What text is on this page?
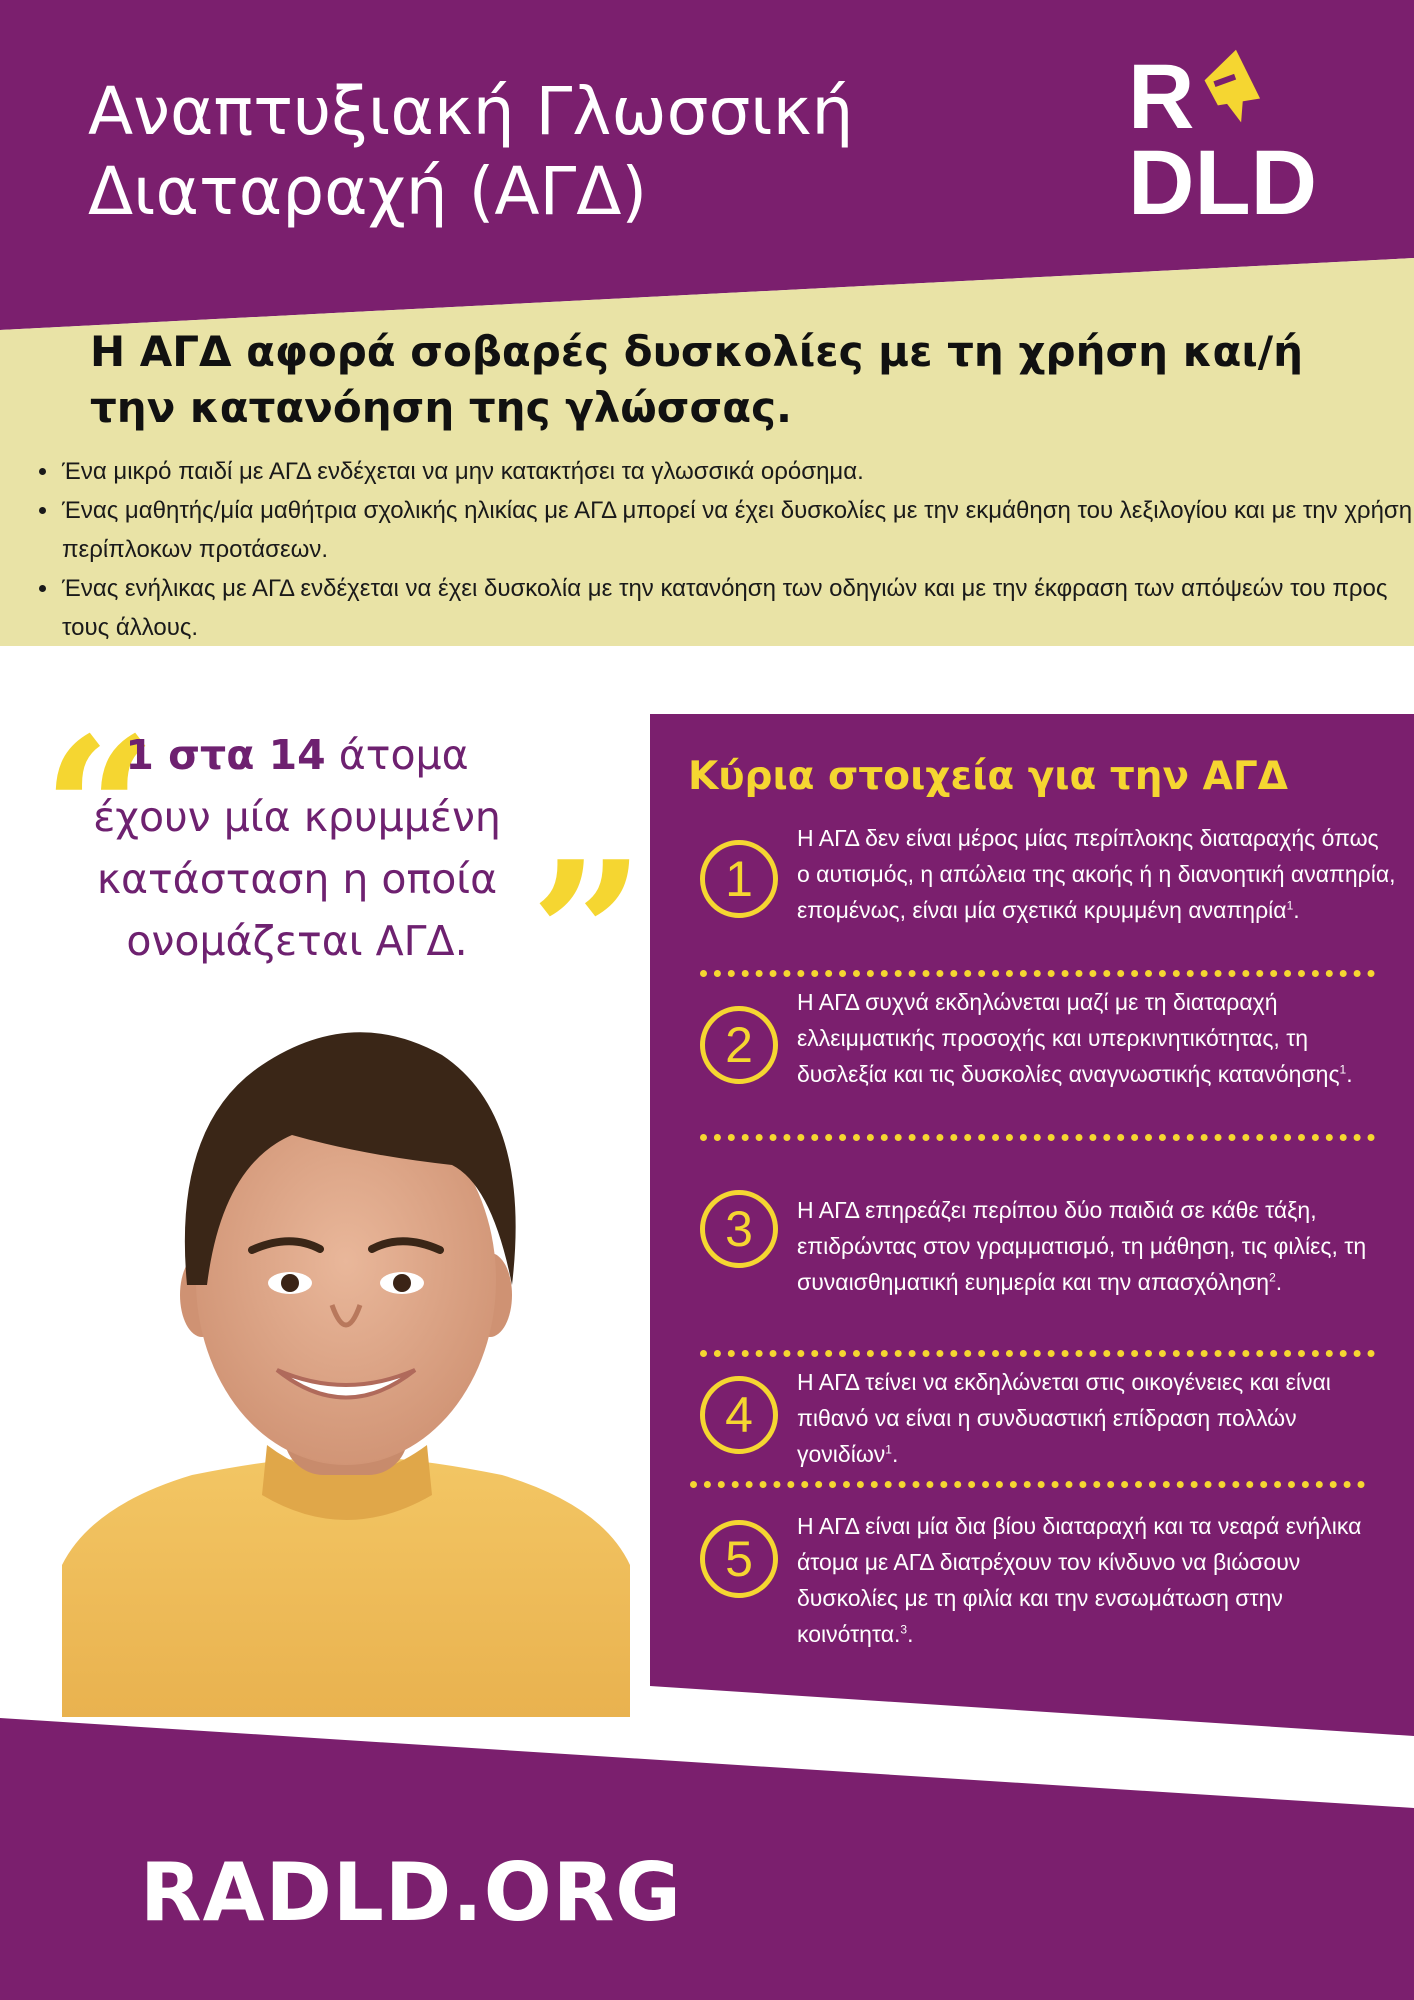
Αναπτυξιακή Γλωσσική
Διαταραχή (ΑΓΔ)
R
DLD
Η ΑΓΔ αφορά σοβαρές δυσκολίες με τη χρήση και/ή
την κατανόηση της γλώσσας.
• Ένα μικρό παιδί με ΑΓΔ ενδέχεται να μην κατακτήσει τα γλωσσικά ορόσημα.
• Ένας μαθητής/μία μαθήτρια σχολικής ηλικίας με ΑΓΔ μπορεί να έχει δυσκολίες με την εκμάθηση του λεξιλογίου και με την χρήση περίπλοκων προτάσεων.
• Ένας ενήλικας με ΑΓΔ ενδέχεται να έχει δυσκολία με την κατανόηση των οδηγιών και με την έκφραση των απόψεών του προς τους άλλους.
“

1 στα 14 άτομα έχουν μία κρυμμένη κατάσταση η οποία ονομάζεται ΑΓΔ. ”
Κύρια στοιχεία για την ΑΓΔ
1
Η ΑΓΔ δεν είναι μέρος μίας περίπλοκης διαταραχής όπως ο αυτισμός, η απώλεια της ακοής ή η διανοητική αναπηρία, επομένως, είναι μία σχετικά κρυμμένη αναπηρία$^1$.
2
Η ΑΓΔ συχνά εκδηλώνεται μαζί με τη διαταραχή ελλειμματικής προσοχής και υπερκινητικότητας, τη δυσλεξία και τις δυσκολίες αναγνωστικής κατανόησης$^1$.
3	Η ΑΓΔ επηρεάζει περίπου δύο παιδιά σε κάθε τάξη, επιδρώντας στον γραμματισμό, τη μάθηση, τις φιλίες, τη συναισθηματική ευημερία και την απασχόληση$^2$.
4
Η ΑΓΔ τείνει να εκδηλώνεται στις οικογένειες και είναι πιθανό να είναι η συνδυαστική επίδραση πολλών γονιδίων$^1$.
5
Η ΑΓΔ είναι μία δια βίου διαταραχή και τα νεαρά ενήλικα άτομα με ΑΓΔ διατρέχουν τον κίνδυνο να βιώσουν δυσκολίες με τη φιλία και την ενσωμάτωση στην κοινότητα.$^3$.

RADLD.ORG
